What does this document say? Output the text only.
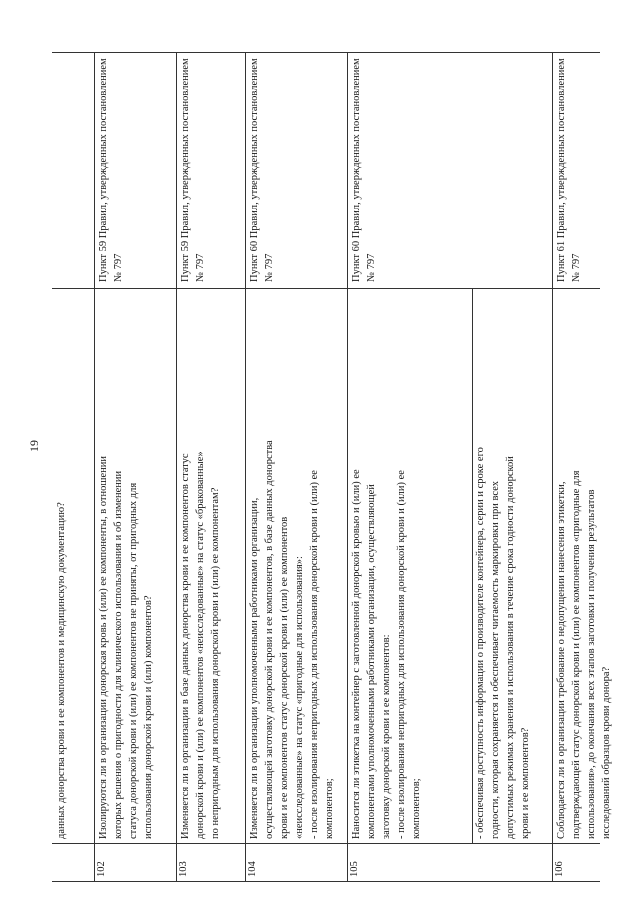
19
данных донорства крови и ее компонентов и медицинскую документацию?
102
Изолируются ли в организации донорская кровь и (или) ее компоненты, в отношении которых решения о пригодности для клинического использования и об изменении статуса донорской крови и (или) ее компонентов не приняты, от пригодных для использования донорской крови и (или) компонентов?
Пункт 59 Правил, утвержденных постановлением № 797
103
Изменяется ли в организации в базе данных донорства крови и ее компонентов статус донорской крови и (или) ее компонентов «неисследованные» на статус «бракованные» по непригодным для использования донорской крови и (или) ее компонентам?
Пункт 59 Правил, утвержденных постановлением № 797
104
Изменяется ли в организации уполномоченными работниками организации, осуществляющей заготовку донорской крови и ее компонентов, в базе данных донорства крови и ее компонентов статус донорской крови и (или) ее компонентов «неисследованные» на статус «пригодные для использования»:
- после изолирования непригодных для использования донорской крови и (или) ее компонентов;
Пункт 60 Правил, утвержденных постановлением № 797
105
Наносится ли этикетка на контейнер с заготовленной донорской кровью и (или) ее компонентами уполномоченными работниками организации, осуществляющей заготовку донорской крови и ее компонентов:
- после изолирования непригодных для использования донорской крови и (или) ее компонентов;	- обеспечивая доступность информации о производителе контейнера, серии и сроке его годности, которая сохраняется и обеспечивает читаемость маркировки при всех допустимых режимах хранения и использования в течение срока годности донорской крови и ее компонентов?
Пункт 60 Правил, утвержденных постановлением № 797
106
Соблюдается ли в организации требование о недопущении нанесения этикетки, подтверждающей статус донорской крови и (или) ее компонентов «пригодные для использования», до окончания всех этапов заготовки и получения результатов исследований образцов крови донора?
Пункт 61 Правил, утвержденных постановлением № 797
